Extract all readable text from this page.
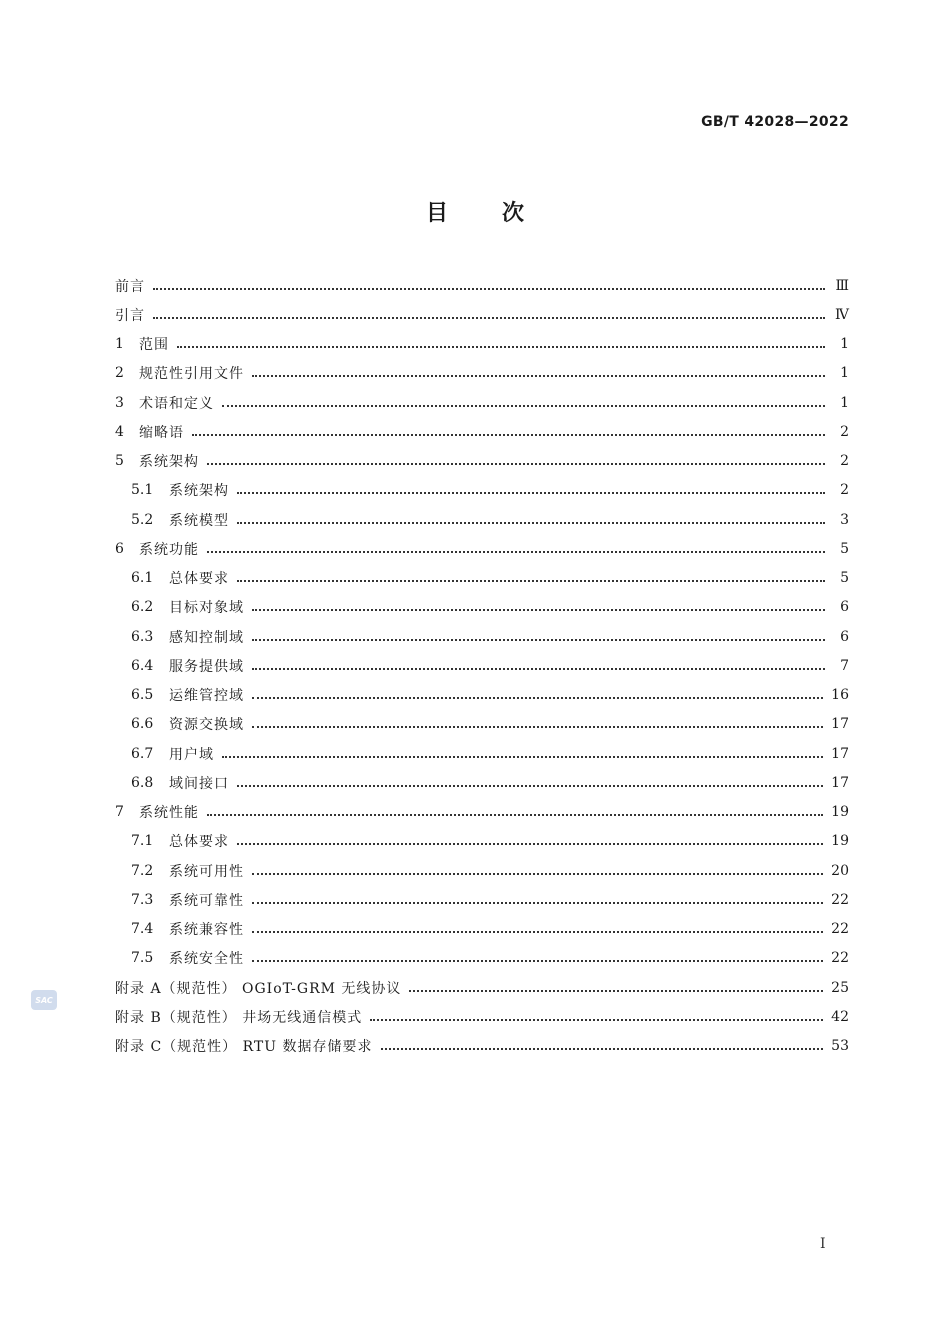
GB/T 42028—2022
目次
前言	Ⅲ
引言	Ⅳ
1	范围	1
2	规范性引用文件	1
3	术语和定义	1
4	缩略语	2
5	系统架构	2
5.1	系统架构	2
5.2	系统模型	3
6	系统功能	5
6.1	总体要求	5
6.2	目标对象域	6
6.3	感知控制域	6
6.4	服务提供域	7
6.5	运维管控域	16
6.6	资源交换域	17
6.7	用户域	17
6.8	域间接口	17
7	系统性能	19
7.1	总体要求	19
7.2	系统可用性	20
7.3	系统可靠性	22
7.4	系统兼容性	22
7.5	系统安全性	22
附录 A（规范性） OGIoT-GRM 无线协议	25
附录 B（规范性） 井场无线通信模式	42
附录 C（规范性） RTU 数据存储要求	53
SAC
I
